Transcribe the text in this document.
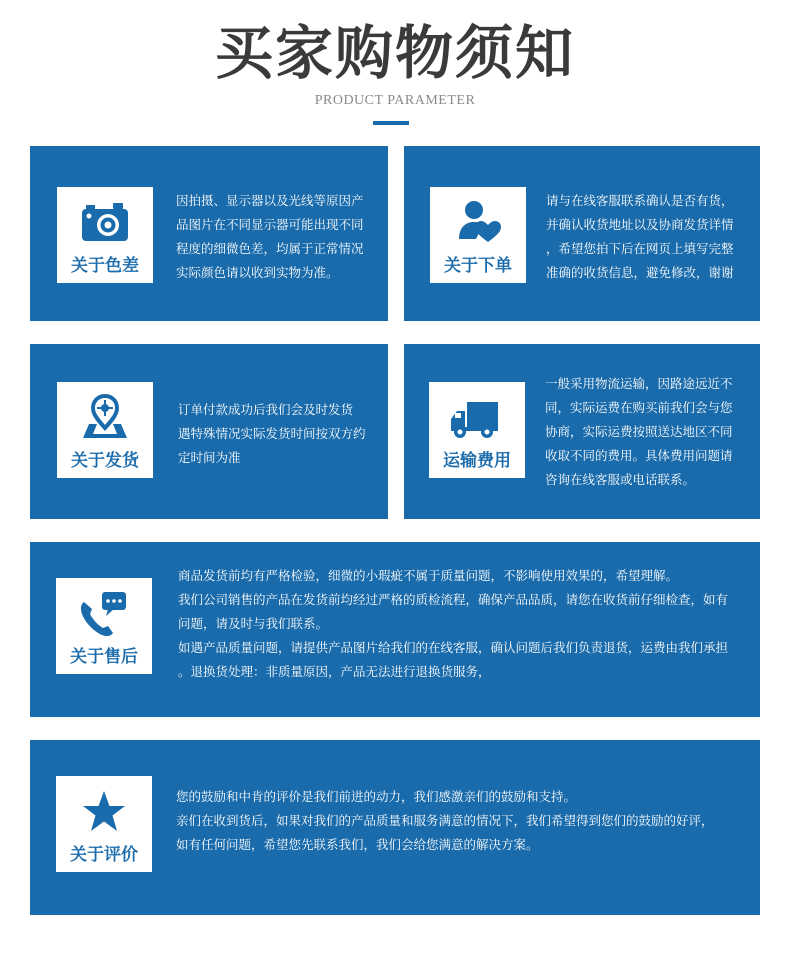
买家购物须知
PRODUCT PARAMETER
关于色差
因拍摄、显示器以及光线等原因产
品图片在不同显示器可能出现不同
程度的细微色差，均属于正常情况
实际颜色请以收到实物为准。	关于下单
请与在线客服联系确认是否有货，
并确认收货地址以及协商发货详情
，希望您拍下后在网页上填写完整
准确的收货信息，避免修改，谢谢
关于发货
订单付款成功后我们会及时发货
遇特殊情况实际发货时间按双方约
定时间为准	运输费用
一般采用物流运输，因路途远近不
同，实际运费在购买前我们会与您
协商，实际运费按照送达地区不同
收取不同的费用。具体费用问题请
咨询在线客服或电话联系。
关于售后
商品发货前均有严格检验，细微的小瑕疵不属于质量问题，不影响使用效果的，希望理解。
我们公司销售的产品在发货前均经过严格的质检流程，确保产品品质，请您在收货前仔细检查，如有
问题，请及时与我们联系。
如遇产品质量问题，请提供产品图片给我们的在线客服，确认问题后我们负责退货，运费由我们承担
。退换货处理：非质量原因，产品无法进行退换货服务，
关于评价
您的鼓励和中肯的评价是我们前进的动力，我们感激亲们的鼓励和支持。
亲们在收到货后，如果对我们的产品质量和服务满意的情况下，我们希望得到您们的鼓励的好评，
如有任何问题，希望您先联系我们，我们会给您满意的解决方案。
